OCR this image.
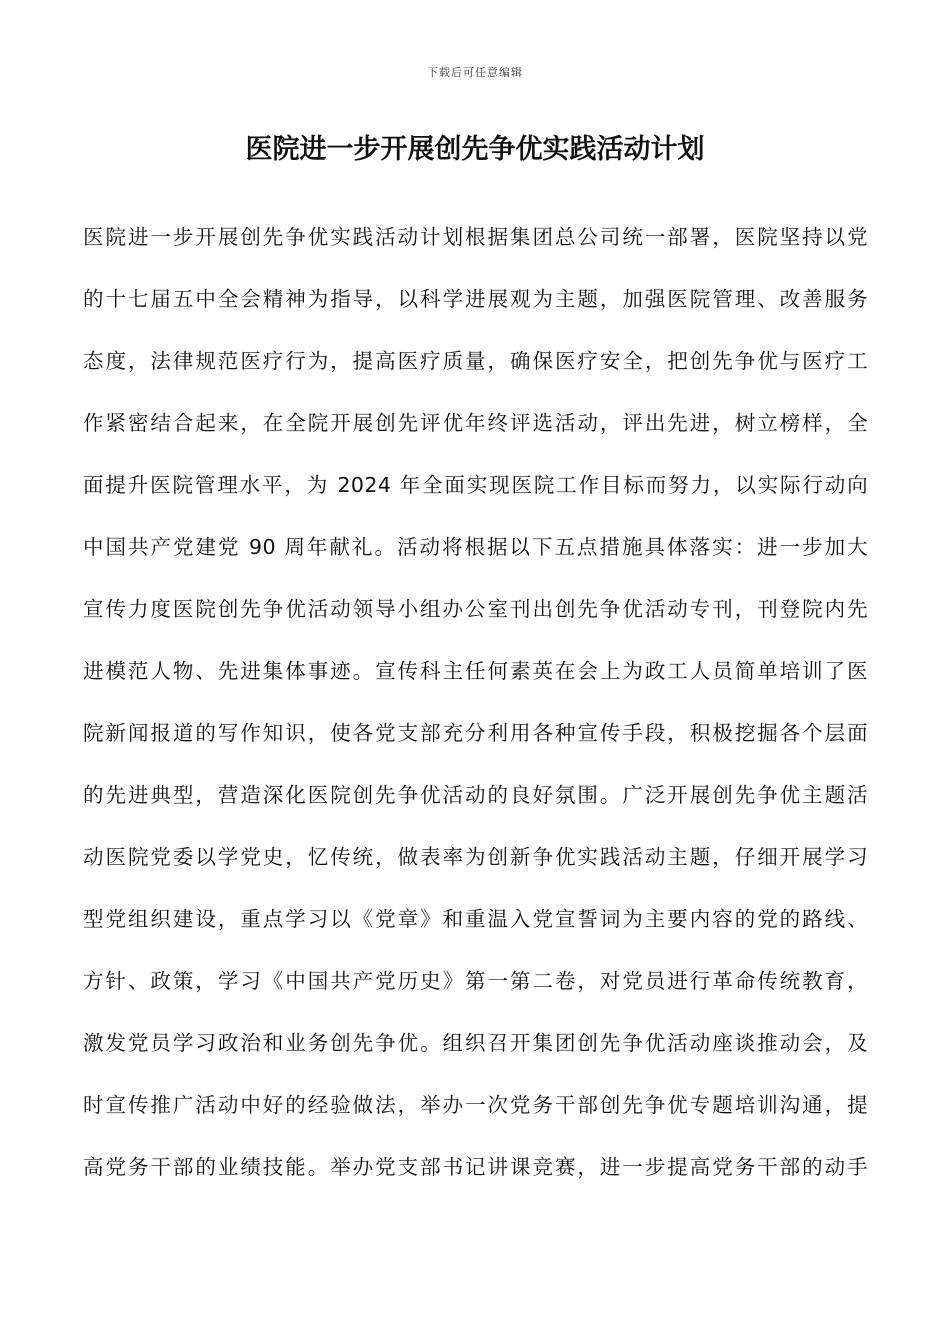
下载后可任意编辑
医院进一步开展创先争优实践活动计划
医院进一步开展创先争优实践活动计划根据集团总公司统一部署，医院坚持以党
的十七届五中全会精神为指导，以科学进展观为主题，加强医院管理、改善服务
态度，法律规范医疗行为，提高医疗质量，确保医疗安全，把创先争优与医疗工
作紧密结合起来，在全院开展创先评优年终评选活动，评出先进，树立榜样，全
面提升医院管理水平，为 2024 年全面实现医院工作目标而努力，以实际行动向
中国共产党建党 90 周年献礼。活动将根据以下五点措施具体落实：进一步加大
宣传力度医院创先争优活动领导小组办公室刊出创先争优活动专刊，刊登院内先
进模范人物、先进集体事迹。宣传科主任何素英在会上为政工人员简单培训了医
院新闻报道的写作知识，使各党支部充分利用各种宣传手段，积极挖掘各个层面
的先进典型，营造深化医院创先争优活动的良好氛围。广泛开展创先争优主题活
动医院党委以学党史，忆传统，做表率为创新争优实践活动主题，仔细开展学习
型党组织建设，重点学习以《党章》和重温入党宣誓词为主要内容的党的路线、
方针、政策，学习《中国共产党历史》第一第二卷，对党员进行革命传统教育，
激发党员学习政治和业务创先争优。组织召开集团创先争优活动座谈推动会，及
时宣传推广活动中好的经验做法，举办一次党务干部创先争优专题培训沟通，提
高党务干部的业绩技能。举办党支部书记讲课竞赛，进一步提高党务干部的动手
